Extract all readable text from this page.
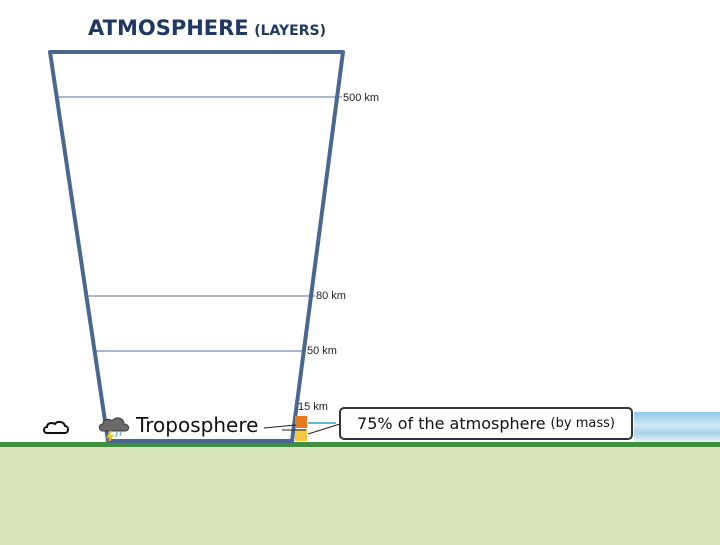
ATMOSPHERE (LAYERS)
500 km
80 km
50 km
15 km
Troposphere	75% of the atmosphere (by mass)
